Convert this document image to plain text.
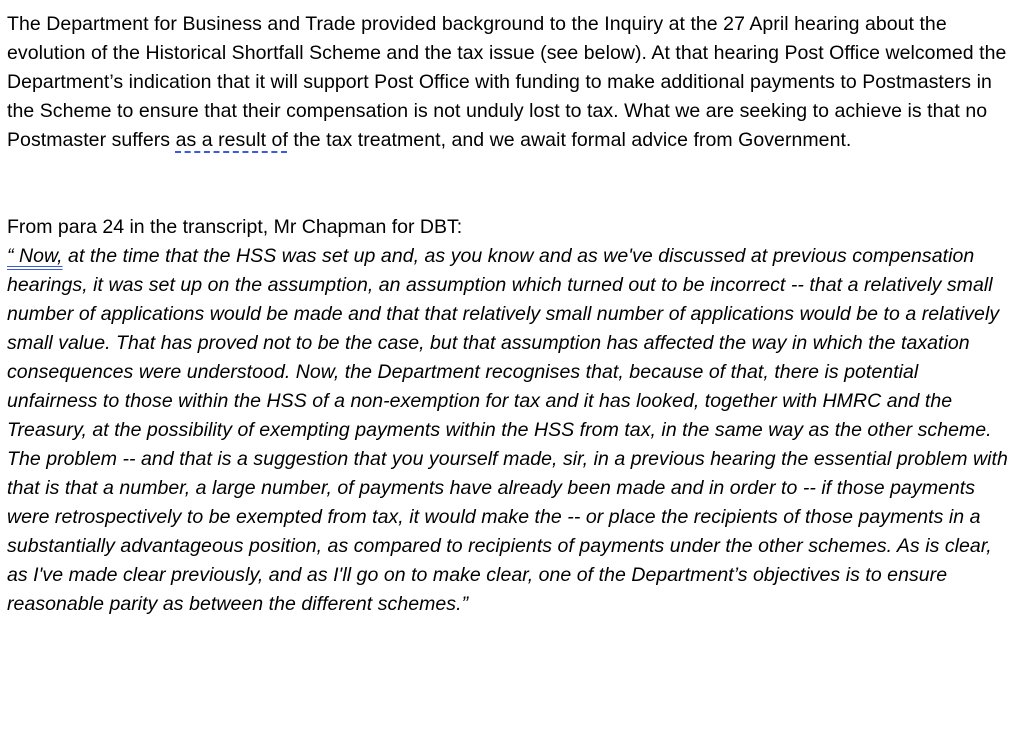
The Department for Business and Trade provided background to the Inquiry at the 27 April hearing about the evolution of the Historical Shortfall Scheme and the tax issue (see below). At that hearing Post Office welcomed the Department’s indication that it will support Post Office with funding to make additional payments to Postmasters in the Scheme to ensure that their compensation is not unduly lost to tax. What we are seeking to achieve is that no Postmaster suffers as a result of the tax treatment, and we await formal advice from Government.

From para 24 in the transcript, Mr Chapman for DBT:

“ Now, at the time that the HSS was set up and, as you know and as we've discussed at previous compensation hearings, it was set up on the assumption, an assumption which turned out to be incorrect -- that a relatively small number of applications would be made and that that relatively small number of applications would be to a relatively small value. That has proved not to be the case, but that assumption has affected the way in which the taxation consequences were understood. Now, the Department recognises that, because of that, there is potential unfairness to those within the HSS of a non-exemption for tax and it has looked, together with HMRC and the Treasury, at the possibility of exempting payments within the HSS from tax, in the same way as the other scheme. The problem -- and that is a suggestion that you yourself made, sir, in a previous hearing the essential problem with that is that a number, a large number, of payments have already been made and in order to -- if those payments were retrospectively to be exempted from tax, it would make the -- or place the recipients of those payments in a substantially advantageous position, as compared to recipients of payments under the other schemes. As is clear, as I've made clear previously, and as I'll go on to make clear, one of the Department’s objectives is to ensure reasonable parity as between the different schemes.”
